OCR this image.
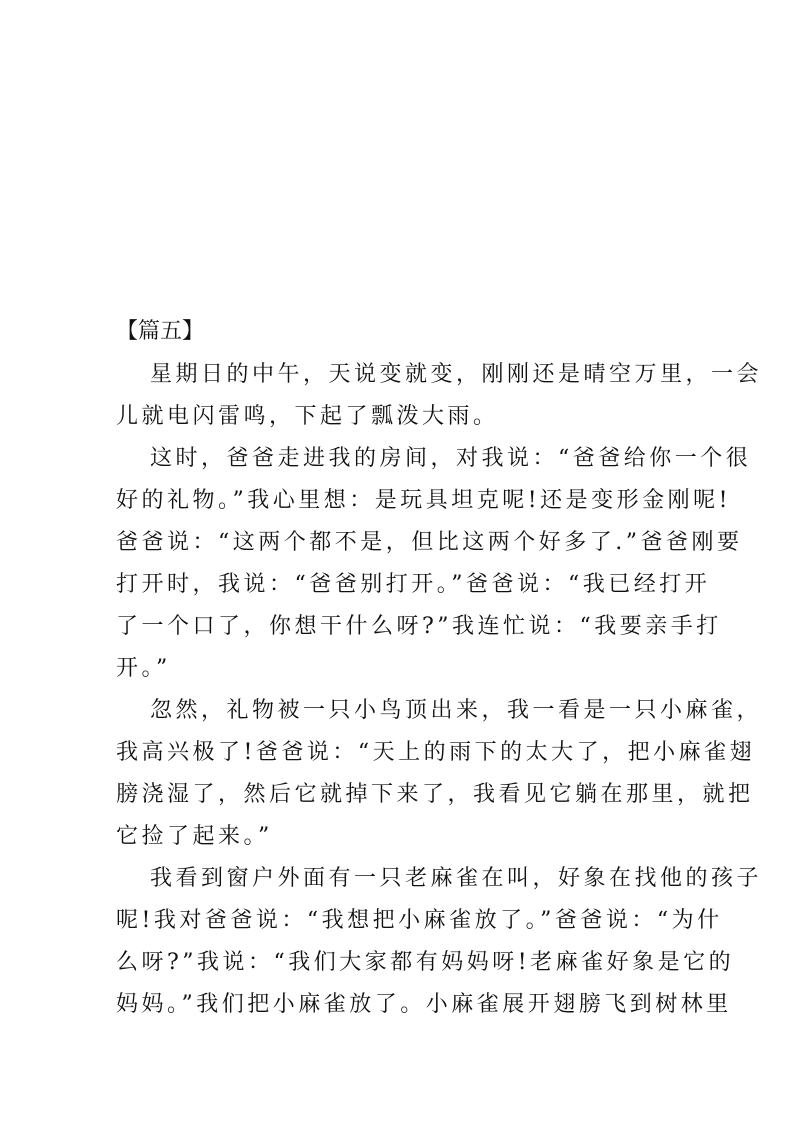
【篇五】
星期日的中午，天说变就变，刚刚还是晴空万里，一会
儿就电闪雷鸣，下起了瓢泼大雨。
这时，爸爸走进我的房间，对我说：“爸爸给你一个很
好的礼物。”我心里想：是玩具坦克呢!还是变形金刚呢!
爸爸说：“这两个都不是，但比这两个好多了.”爸爸刚要
打开时，我说：“爸爸别打开。”爸爸说：“我已经打开
了一个口了，你想干什么呀?”我连忙说：“我要亲手打
开。”
忽然，礼物被一只小鸟顶出来，我一看是一只小麻雀，
我高兴极了!爸爸说：“天上的雨下的太大了，把小麻雀翅
膀浇湿了，然后它就掉下来了，我看见它躺在那里，就把
它捡了起来。”
我看到窗户外面有一只老麻雀在叫，好象在找他的孩子
呢!我对爸爸说：“我想把小麻雀放了。”爸爸说：“为什
么呀?”我说：“我们大家都有妈妈呀!老麻雀好象是它的
妈妈。”我们把小麻雀放了。小麻雀展开翅膀飞到树林里
